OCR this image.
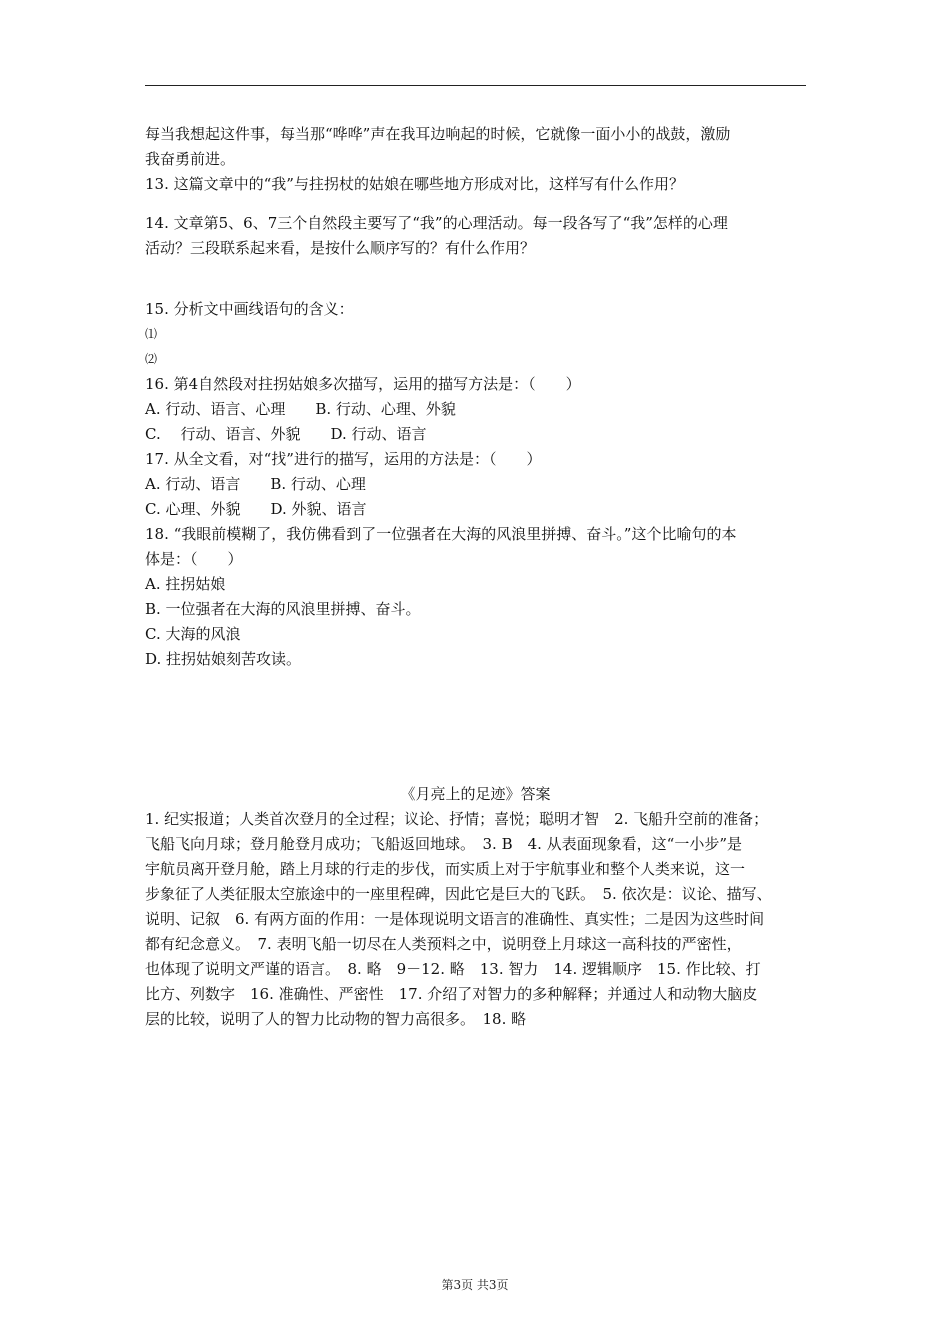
每当我想起这件事，每当那“哗哗”声在我耳边响起的时候，它就像一面小小的战鼓，激励

我奋勇前进。

13. 这篇文章中的“我”与拄拐杖的姑娘在哪些地方形成对比，这样写有什么作用？

14. 文章第5、6、7三个自然段主要写了“我”的心理活动。每一段各写了“我”怎样的心理

活动？三段联系起来看，是按什么顺序写的？有什么作用？

15. 分析文中画线语句的含义：

⑴

⑵

16. 第4自然段对拄拐姑娘多次描写，运用的描写方法是：（　　）

A. 行动、语言、心理　　B. 行动、心理、外貌

C. 　行动、语言、外貌　　D. 行动、语言

17. 从全文看，对“找”进行的描写，运用的方法是：（　　）

A. 行动、语言　　B. 行动、心理

C. 心理、外貌　　D. 外貌、语言

18. “我眼前模糊了，我仿佛看到了一位强者在大海的风浪里拼搏、奋斗。”这个比喻句的本

体是：（　　）

A. 拄拐姑娘

B. 一位强者在大海的风浪里拼搏、奋斗。

C. 大海的风浪

D. 拄拐姑娘刻苦攻读。

《月亮上的足迹》答案

1. 纪实报道；人类首次登月的全过程；议论、抒情；喜悦；聪明才智　2. 飞船升空前的准备；

飞船飞向月球；登月舱登月成功；飞船返回地球。　3. B　4. 从表面现象看，这“一小步”是

宇航员离开登月舱，踏上月球的行走的步伐，而实质上对于宇航事业和整个人类来说，这一

步象征了人类征服太空旅途中的一座里程碑，因此它是巨大的飞跃。　5. 依次是：议论、描写、

说明、记叙　6. 有两方面的作用：一是体现说明文语言的准确性、真实性；二是因为这些时间

都有纪念意义。　7. 表明飞船一切尽在人类预料之中，说明登上月球这一高科技的严密性，

也体现了说明文严谨的语言。　8. 略　9－12. 略　13. 智力　14. 逻辑顺序　15. 作比较、打

比方、列数字　16. 准确性、严密性　17. 介绍了对智力的多种解释；并通过人和动物大脑皮

层的比较，说明了人的智力比动物的智力高很多。　18. 略

第3页 共3页
